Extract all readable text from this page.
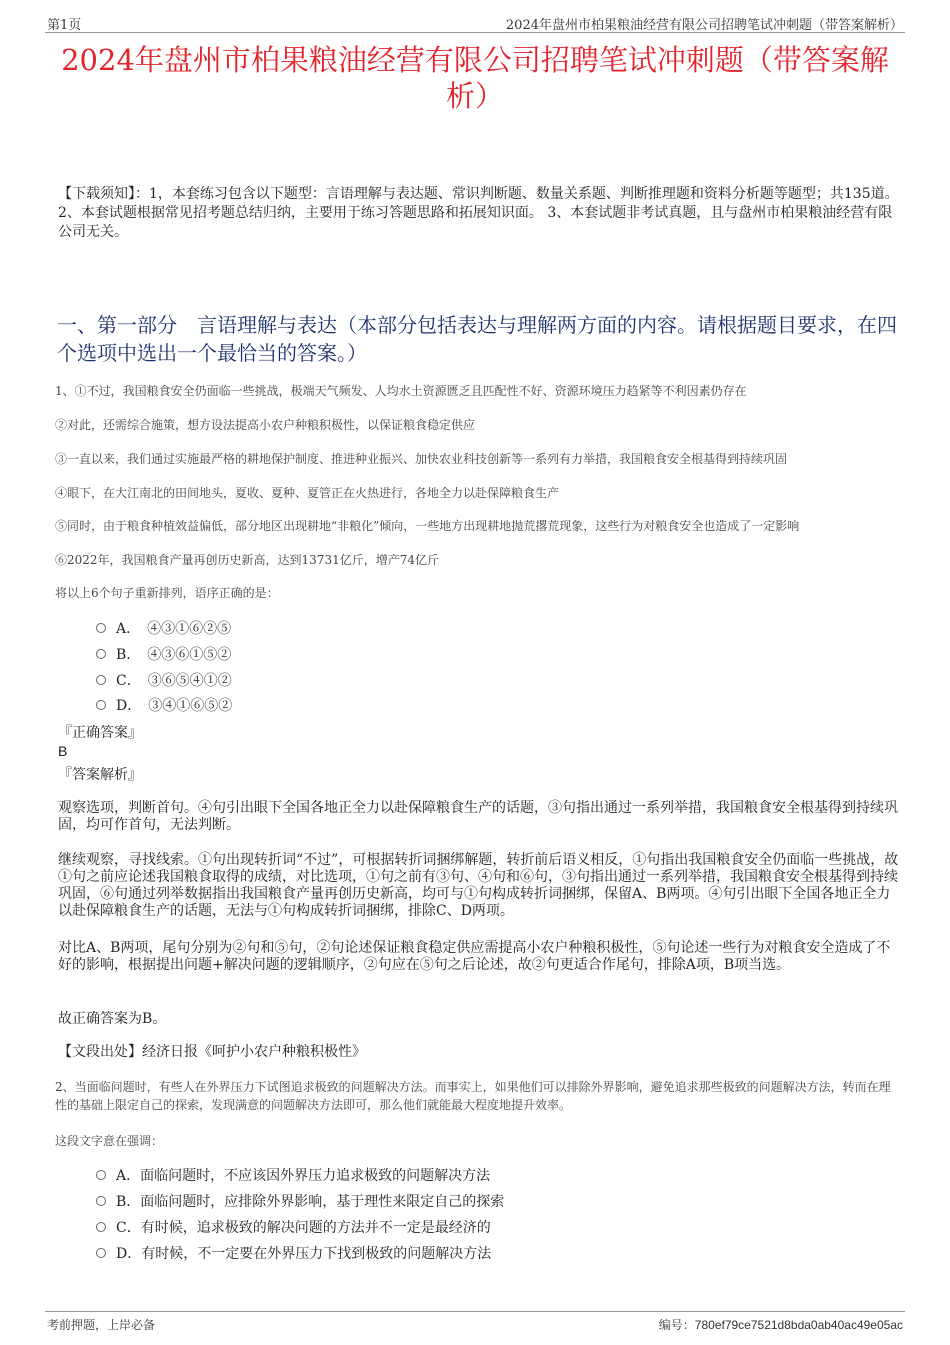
第1页	2024年盘州市柏果粮油经营有限公司招聘笔试冲刺题（带答案解析）
2024年盘州市柏果粮油经营有限公司招聘笔试冲刺题（带答案解析）
【下载须知】：1，本套练习包含以下题型：言语理解与表达题、常识判断题、数量关系题、判断推理题和资料分析题等题型；共135道。 2、本套试题根据常见招考题总结归纳，主要用于练习答题思路和拓展知识面。 3、本套试题非考试真题，且与盘州市柏果粮油经营有限公司无关。
一、第一部分　言语理解与表达（本部分包括表达与理解两方面的内容。请根据题目要求，在四个选项中选出一个最恰当的答案。）
1、①不过，我国粮食安全仍面临一些挑战，极端天气频发、人均水土资源匮乏且匹配性不好、资源环境压力趋紧等不利因素仍存在
②对此，还需综合施策，想方设法提高小农户种粮积极性，以保证粮食稳定供应
③一直以来，我们通过实施最严格的耕地保护制度、推进种业振兴、加快农业科技创新等一系列有力举措，我国粮食安全根基得到持续巩固
④眼下，在大江南北的田间地头，夏收、夏种、夏管正在火热进行，各地全力以赴保障粮食生产
⑤同时，由于粮食种植效益偏低，部分地区出现耕地“非粮化”倾向，一些地方出现耕地抛荒撂荒现象，这些行为对粮食安全也造成了一定影响
⑥2022年，我国粮食产量再创历史新高，达到13731亿斤，增产74亿斤
将以上6个句子重新排列，语序正确的是：
A．　④③①⑥②⑤
B．　④③⑥①⑤②
C．　③⑥⑤④①②
D．　③④①⑥⑤②
『正确答案』
B
『答案解析』
观察选项，判断首句。④句引出眼下全国各地正全力以赴保障粮食生产的话题，③句指出通过一系列举措，我国粮食安全根基得到持续巩固，均可作首句，无法判断。
继续观察，寻找线索。①句出现转折词“不过”，可根据转折词捆绑解题，转折前后语义相反，①句指出我国粮食安全仍面临一些挑战，故①句之前应论述我国粮食取得的成绩，对比选项，①句之前有③句、④句和⑥句，③句指出通过一系列举措，我国粮食安全根基得到持续巩固，⑥句通过列举数据指出我国粮食产量再创历史新高，均可与①句构成转折词捆绑，保留A、B两项。④句引出眼下全国各地正全力以赴保障粮食生产的话题，无法与①句构成转折词捆绑，排除C、D两项。
对比A、B两项，尾句分别为②句和⑤句，②句论述保证粮食稳定供应需提高小农户种粮积极性，⑤句论述一些行为对粮食安全造成了不好的影响，根据提出问题+解决问题的逻辑顺序，②句应在⑤句之后论述，故②句更适合作尾句，排除A项，B项当选。
故正确答案为B。
【文段出处】经济日报《呵护小农户种粮积极性》
2、当面临问题时，有些人在外界压力下试图追求极致的问题解决方法。而事实上，如果他们可以排除外界影响，避免追求那些极致的问题解决方法，转而在理性的基础上限定自己的探索，发现满意的问题解决方法即可，那么他们就能最大程度地提升效率。
这段文字意在强调：
A．面临问题时，不应该因外界压力追求极致的问题解决方法
B．面临问题时，应排除外界影响，基于理性来限定自己的探索
C．有时候，追求极致的解决问题的方法并不一定是最经济的
D．有时候，不一定要在外界压力下找到极致的问题解决方法
考前押题，上岸必备	编号：780ef79ce7521d8bda0ab40ac49e05ac
